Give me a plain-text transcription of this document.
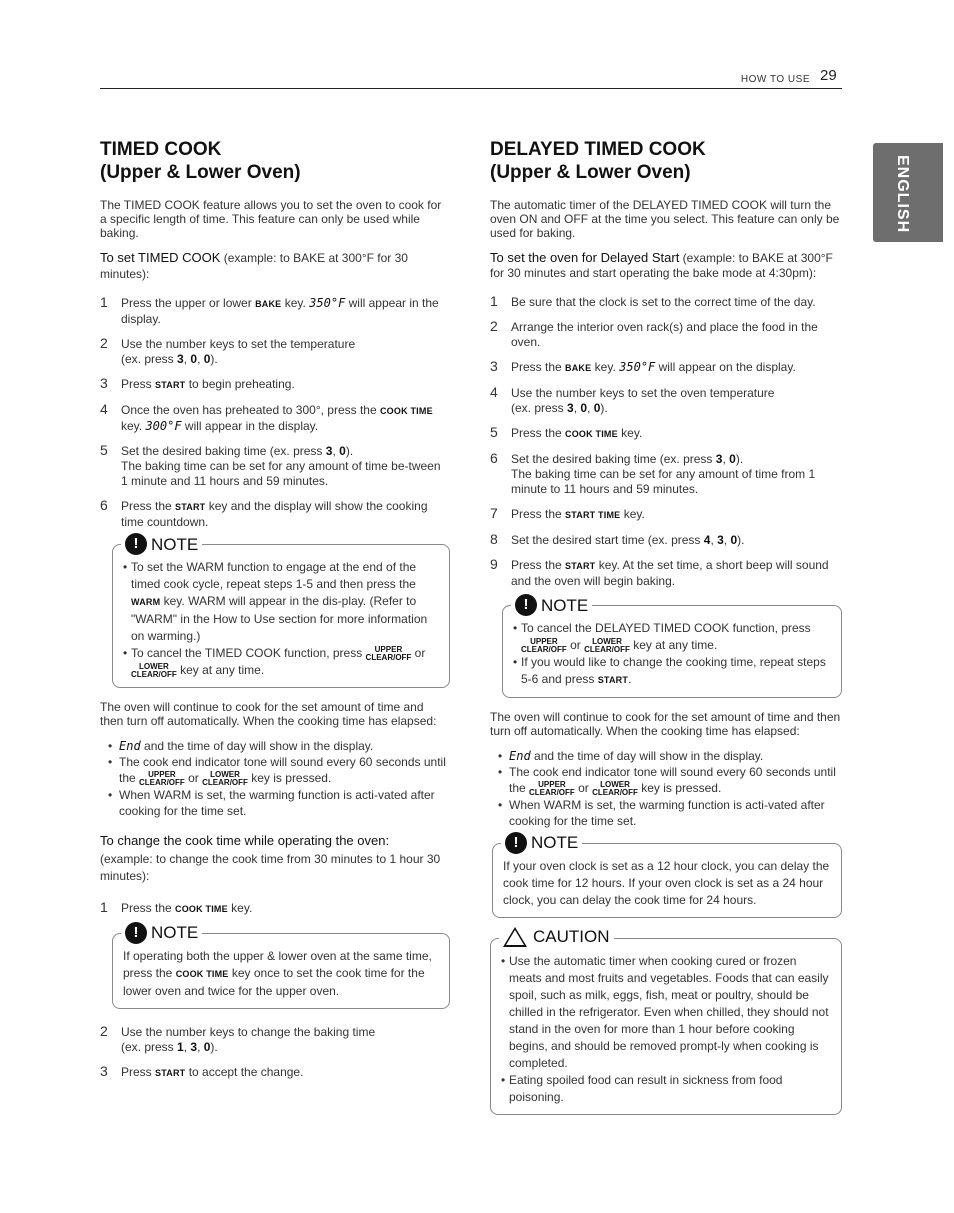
HOW TO USE 29
ENGLISH
TIMED COOK
(Upper & Lower Oven)

The TIMED COOK feature allows you to set the oven to cook for a specific length of time. This feature can only be used while baking.

To set TIMED COOK (example: to BAKE at 300°F for 30 minutes):

1 Press the upper or lower BAKE key. 350°F will appear in the display.
2 Use the number keys to set the temperature
(ex. press 3, 0, 0).
3 Press START to begin preheating.
4 Once the oven has preheated to 300°, press the COOK TIME
key. 300°F will appear in the display.
5 Set the desired baking time (ex. press 3, 0).
The baking time can be set for any amount of time be-tween 1 minute and 11 hours and 59 minutes.
6 Press the START key and the display will show the cooking time countdown.
! NOTE
• To set the WARM function to engage at the end of the timed cook cycle, repeat steps 1-5 and then press the WARM key. WARM will appear in the dis-play. (Refer to "WARM" in the How to Use section for more information on warming.)
• To cancel the TIMED COOK function, press UPPER
CLEAR/OFF or LOWER
CLEAR/OFF key at any time.

The oven will continue to cook for the set amount of time and then turn off automatically. When the cooking time has elapsed:

• End and the time of day will show in the display.
• The cook end indicator tone will sound every 60 seconds until the UPPER
CLEAR/OFF or LOWER
CLEAR/OFF key is pressed.
• When WARM is set, the warming function is acti-vated after cooking for the time set.

To change the cook time while operating the oven:

(example: to change the cook time from 30 minutes to 1 hour 30 minutes):

1 Press the COOK TIME key.
! NOTE

If operating both the upper & lower oven at the same time, press the COOK TIME key once to set the cook time for the lower oven and twice for the upper oven.

2 Use the number keys to change the baking time
(ex. press 1, 3, 0).
3 Press START to accept the change.
DELAYED TIMED COOK
(Upper & Lower Oven)

The automatic timer of the DELAYED TIMED COOK will turn the oven ON and OFF at the time you select. This feature can only be used for baking.

To set the oven for Delayed Start (example: to BAKE at 300°F for 30 minutes and start operating the bake mode at 4:30pm):

1 Be sure that the clock is set to the correct time of the day.
2 Arrange the interior oven rack(s) and place the food in the oven.
3 Press the BAKE key. 350°F will appear on the display.
4 Use the number keys to set the oven temperature
(ex. press 3, 0, 0).
5 Press the COOK TIME key.
6 Set the desired baking time (ex. press 3, 0).
The baking time can be set for any amount of time from 1 minute to 11 hours and 59 minutes.
7 Press the START TIME key.
8 Set the desired start time (ex. press 4, 3, 0).
9 Press the START key. At the set time, a short beep will sound and the oven will begin baking.
! NOTE
• To cancel the DELAYED TIMED COOK function, press UPPER
CLEAR/OFF or LOWER
CLEAR/OFF key at any time.
• If you would like to change the cooking time, repeat steps 5-6 and press START.

The oven will continue to cook for the set amount of time and then turn off automatically. When the cooking time has elapsed:

• End and the time of day will show in the display.
• The cook end indicator tone will sound every 60 seconds until the UPPER
CLEAR/OFF or LOWER
CLEAR/OFF key is pressed.
• When WARM is set, the warming function is acti-vated after cooking for the time set.
! NOTE

If your oven clock is set as a 12 hour clock, you can delay the cook time for 12 hours. If your oven clock is set as a 24 hour clock, you can delay the cook time for 24 hours.

! CAUTION
• Use the automatic timer when cooking cured or frozen meats and most fruits and vegetables. Foods that can easily spoil, such as milk, eggs, fish, meat or poultry, should be chilled in the refrigerator. Even when chilled, they should not stand in the oven for more than 1 hour before cooking begins, and should be removed prompt-ly when cooking is completed.
• Eating spoiled food can result in sickness from food poisoning.
